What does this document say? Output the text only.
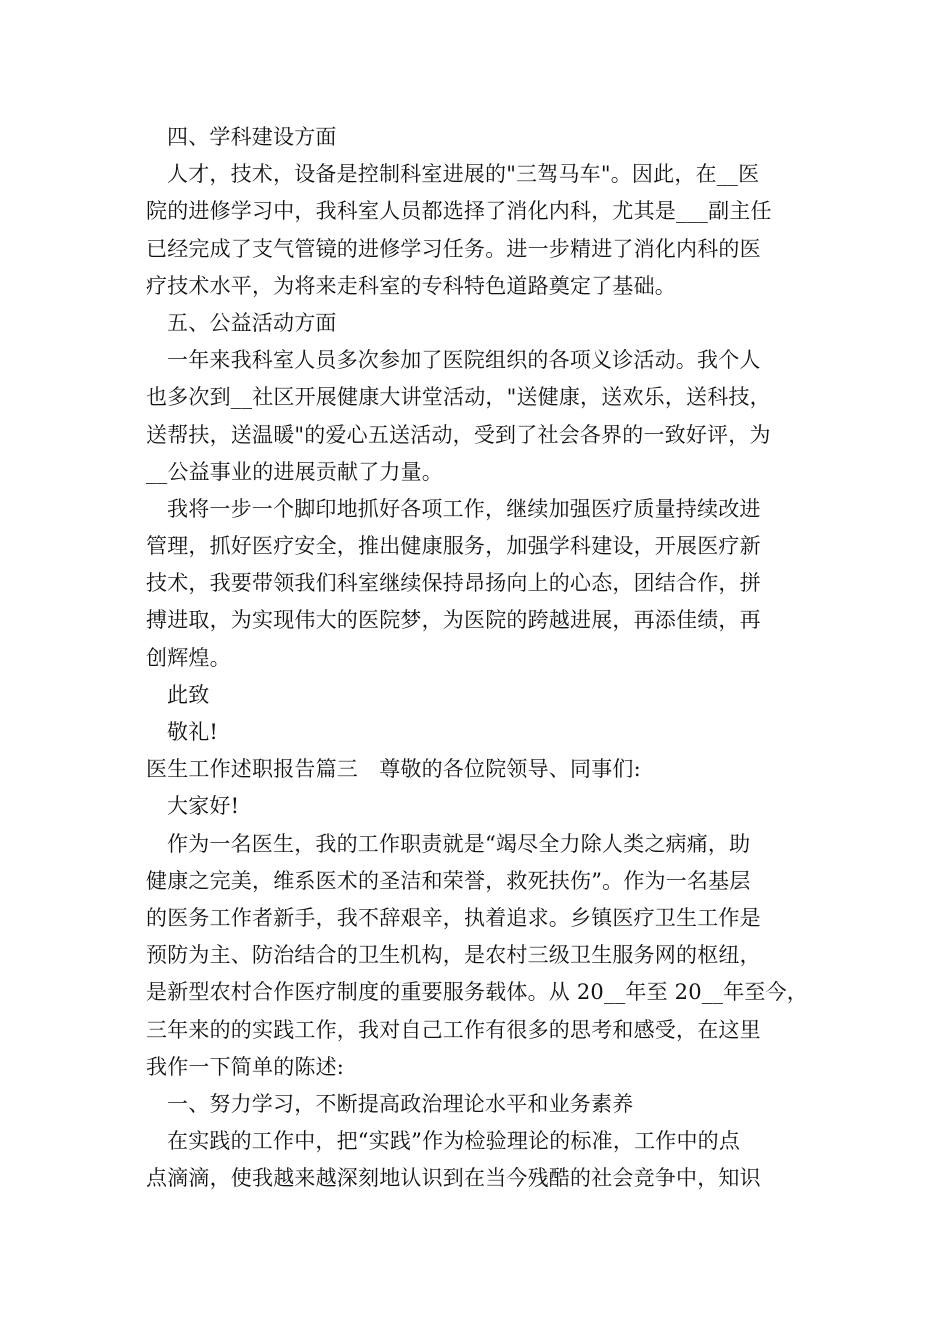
四、学科建设方面
人才，技术，设备是控制科室进展的"三驾马车"。因此，在__医
院的进修学习中，我科室人员都选择了消化内科，尤其是___副主任
已经完成了支气管镜的进修学习任务。进一步精进了消化内科的医
疗技术水平，为将来走科室的专科特色道路奠定了基础。
五、公益活动方面
一年来我科室人员多次参加了医院组织的各项义诊活动。我个人
也多次到__社区开展健康大讲堂活动，"送健康，送欢乐，送科技，
送帮扶，送温暖"的爱心五送活动，受到了社会各界的一致好评，为
__公益事业的进展贡献了力量。
我将一步一个脚印地抓好各项工作，继续加强医疗质量持续改进
管理，抓好医疗安全，推出健康服务，加强学科建设，开展医疗新
技术，我要带领我们科室继续保持昂扬向上的心态，团结合作，拼
搏进取，为实现伟大的医院梦，为医院的跨越进展，再添佳绩，再
创辉煌。
此致
敬礼!
医生工作述职报告篇三　尊敬的各位院领导、同事们:
大家好!
作为一名医生，我的工作职责就是“竭尽全力除人类之病痛，助
健康之完美，维系医术的圣洁和荣誉，救死扶伤”。作为一名基层
的医务工作者新手，我不辞艰辛，执着追求。乡镇医疗卫生工作是
预防为主、防治结合的卫生机构，是农村三级卫生服务网的枢纽，
是新型农村合作医疗制度的重要服务载体。从 20__年至 20__年至今，
三年来的的实践工作，我对自己工作有很多的思考和感受，在这里
我作一下简单的陈述:
一、努力学习，不断提高政治理论水平和业务素养
在实践的工作中，把“实践”作为检验理论的标准，工作中的点
点滴滴，使我越来越深刻地认识到在当今残酷的社会竞争中，知识
